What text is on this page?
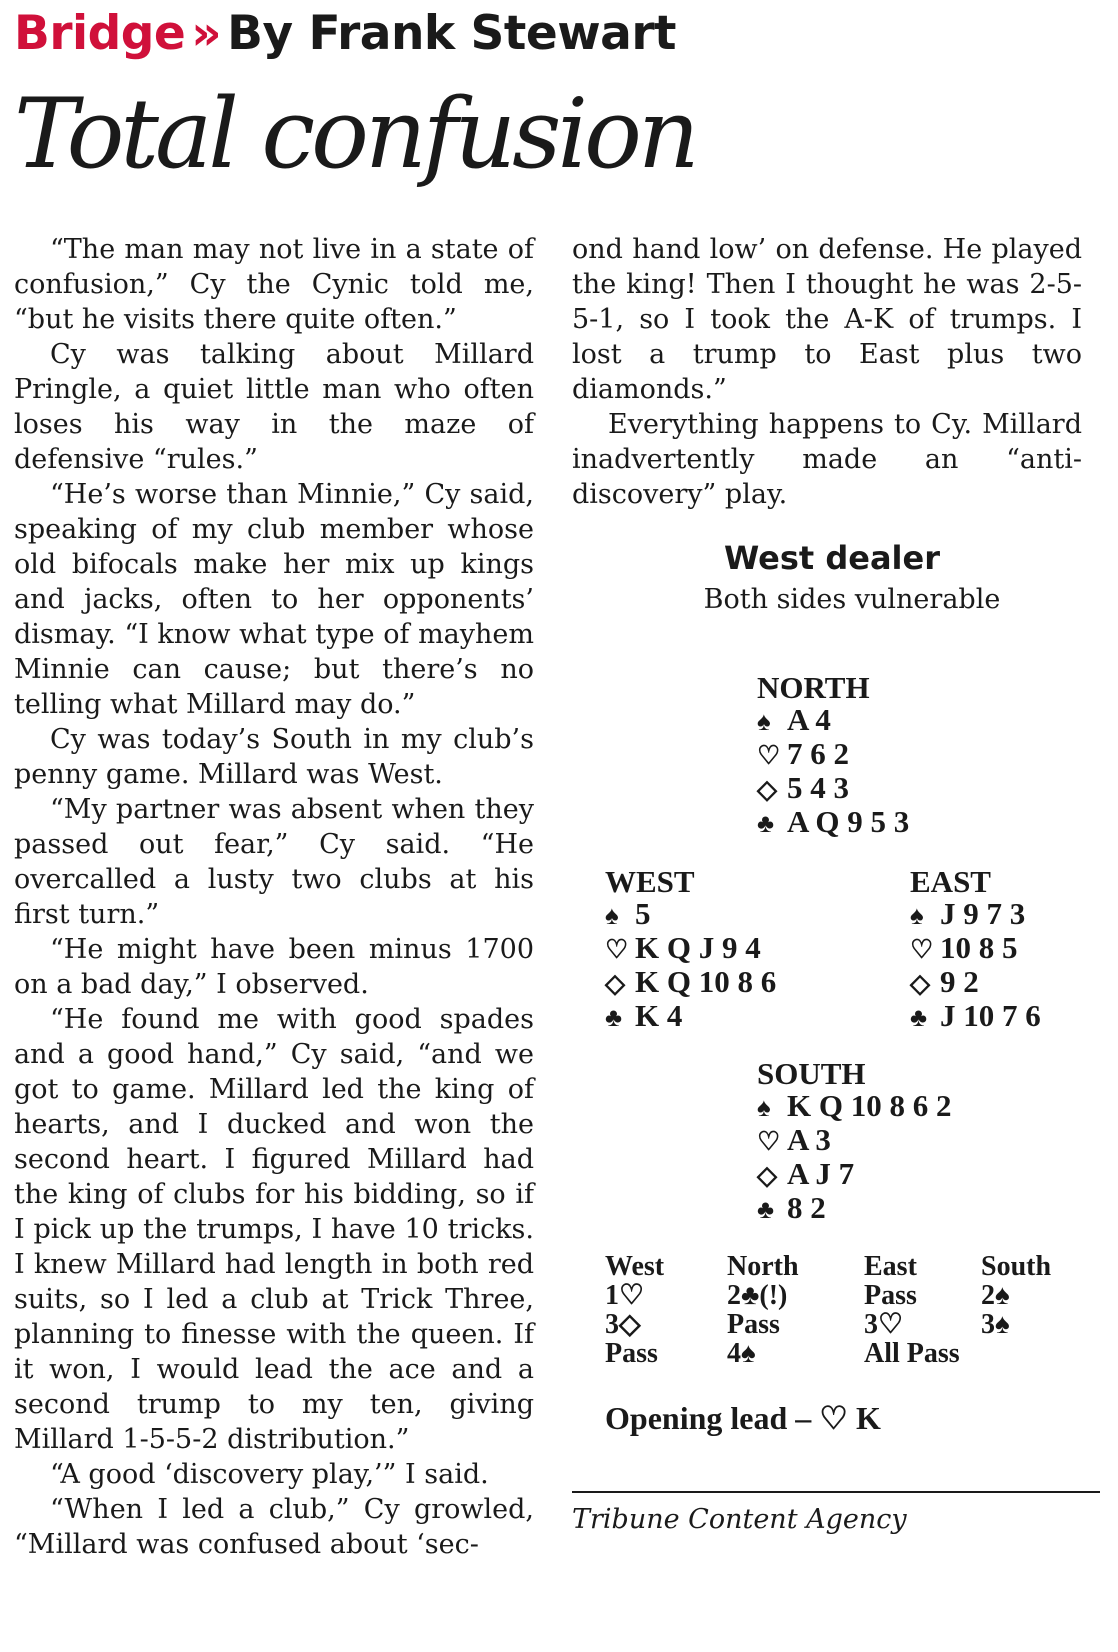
Bridge » By Frank Stewart
Total confusion

“The man may not live in a state of confusion,” Cy the Cynic told me, “but he visits there quite often.”

Cy was talking about Millard Pringle, a quiet little man who often loses his way in the maze of defensive “rules.”

“He’s worse than Minnie,” Cy said, speaking of my club member whose old bifocals make her mix up kings and jacks, often to her opponents’ dismay. “I know what type of mayhem Minnie can cause; but there’s no telling what Millard may do.”

Cy was today’s South in my club’s penny game. Millard was West.

“My partner was absent when they passed out fear,” Cy said. “He overcalled a lusty two clubs at his first turn.”

“He might have been minus 1700 on a bad day,” I observed.

“He found me with good spades and a good hand,” Cy said, “and we got to game. Millard led the king of hearts, and I ducked and won the second heart. I figured Millard had the king of clubs for his bidding, so if I pick up the trumps, I have 10 tricks. I knew Millard had length in both red suits, so I led a club at Trick Three, planning to finesse with the queen. If it won, I would lead the ace and a second trump to my ten, giving Millard 1-5-5-2 distribution.”

“A good ‘discovery play,’” I said.

“When I led a club,” Cy growled, “Millard was confused about ‘sec-

ond hand low’ on defense. He played the king! Then I thought he was 2-5-5-1, so I took the A-K of trumps. I lost a trump to East plus two diamonds.”

Everything happens to Cy. Millard inadvertently made an “anti-discovery” play.

West dealer
Both sides vulnerable
NORTH
♠ A 4
♡ 7 6 2
◇ 5 4 3
♣ A Q 9 5 3
WEST
♠ 5
♡ K Q J 9 4
◇ K Q 10 8 6
♣ K 4
EAST
♠ J 9 7 3
♡ 10 8 5
◇ 9 2
♣ J 10 7 6
SOUTH
♠ K Q 10 8 6 2
♡ A 3
◇ A J 7
♣ 8 2
West	North	East	South
1♡	2♣(!)	Pass	2♠
3◇	Pass	3♡	3♠
Pass	4♠	All Pass	
Opening lead – ♡ K
Tribune Content Agency
